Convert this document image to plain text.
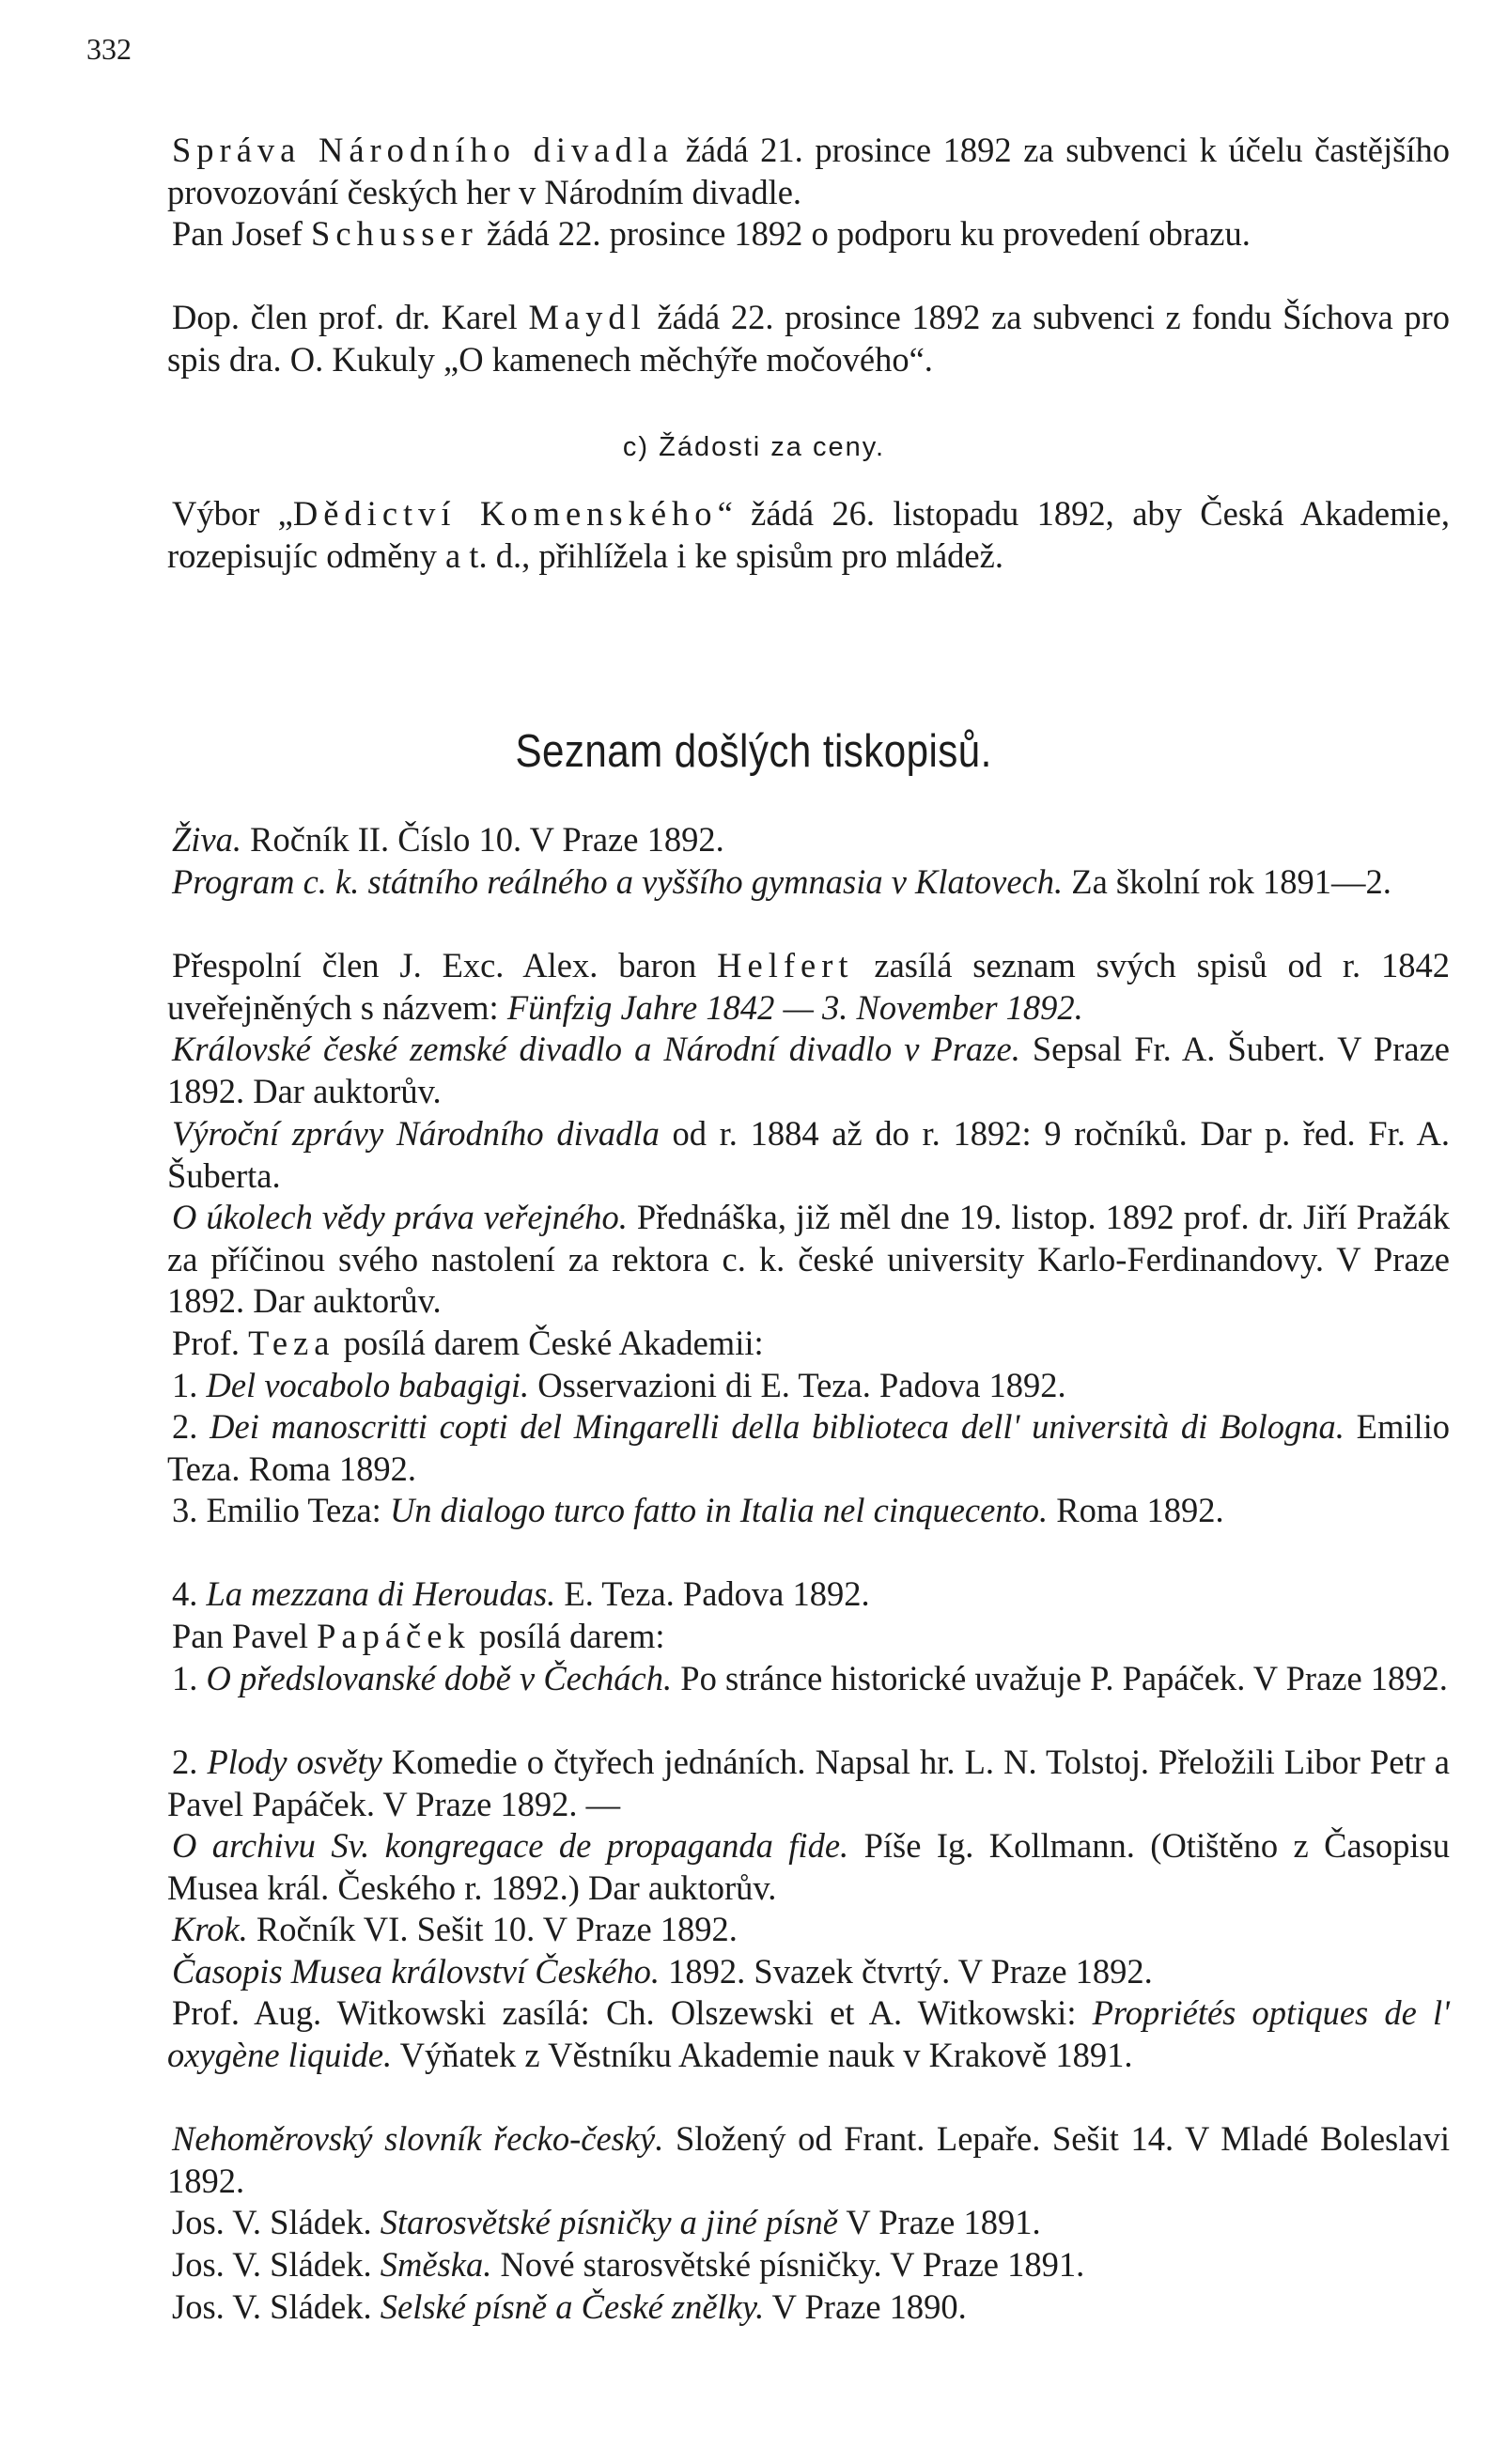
332
Správa Národního divadla žádá 21. prosince 1892 za subvenci k účelu častějšího provozování českých her v Národním divadle.
Pan Josef Schusser žádá 22. prosince 1892 o podporu ku provedení obrazu.
Dop. člen prof. dr. Karel Maydl žádá 22. prosince 1892 za subvenci z fondu Šíchova pro spis dra. O. Kukuly „O kamenech měchýře močového“.
c) Žádosti za ceny.
Výbor „Dědictví Komenského“ žádá 26. listopadu 1892, aby Česká Akademie, rozepisujíc odměny a t. d., přihlížela i ke spisům pro mládež.
Seznam došlých tiskopisů.
Živa. Ročník II. Číslo 10. V Praze 1892.
Program c. k. státního reálného a vyššího gymnasia v Klatovech. Za školní rok 1891—2.
Přespolní člen J. Exc. Alex. baron Helfert zasílá seznam svých spisů od r. 1842 uveřejněných s názvem: Fünfzig Jahre 1842 — 3. November 1892.
Královské české zemské divadlo a Národní divadlo v Praze. Sepsal Fr. A. Šubert. V Praze 1892. Dar auktorův.
Výroční zprávy Národního divadla od r. 1884 až do r. 1892: 9 ročníků. Dar p. řed. Fr. A. Šuberta.
O úkolech vědy práva veřejného. Přednáška, již měl dne 19. listop. 1892 prof. dr. Jiří Pražák za příčinou svého nastolení za rektora c. k. české university Karlo-Ferdinandovy. V Praze 1892. Dar auktorův.
Prof. Teza posílá darem České Akademii:
1. Del vocabolo babagigi. Osservazioni di E. Teza. Padova 1892.
2. Dei manoscritti copti del Mingarelli della biblioteca dell' università di Bologna. Emilio Teza. Roma 1892.
3. Emilio Teza: Un dialogo turco fatto in Italia nel cinquecento. Roma 1892.
4. La mezzana di Heroudas. E. Teza. Padova 1892.
Pan Pavel Papáček posílá darem:
1. O předslovanské době v Čechách. Po stránce historické uvažuje P. Papáček. V Praze 1892.
2. Plody osvěty Komedie o čtyřech jednáních. Napsal hr. L. N. Tolstoj. Přeložili Libor Petr a Pavel Papáček. V Praze 1892. —
O archivu Sv. kongregace de propaganda fide. Píše Ig. Kollmann. (Otištěno z Časopisu Musea král. Českého r. 1892.) Dar auktorův.
Krok. Ročník VI. Sešit 10. V Praze 1892.
Časopis Musea království Českého. 1892. Svazek čtvrtý. V Praze 1892.
Prof. Aug. Witkowski zasílá: Ch. Olszewski et A. Witkowski: Propriétés optiques de l' oxygène liquide. Výňatek z Věstníku Akademie nauk v Krakově 1891.
Nehoměrovský slovník řecko-český. Složený od Frant. Lepaře. Sešit 14. V Mladé Boleslavi 1892.
Jos. V. Sládek. Starosvětské písničky a jiné písně V Praze 1891.
Jos. V. Sládek. Směska. Nové starosvětské písničky. V Praze 1891.
Jos. V. Sládek. Selské písně a České znělky. V Praze 1890.
